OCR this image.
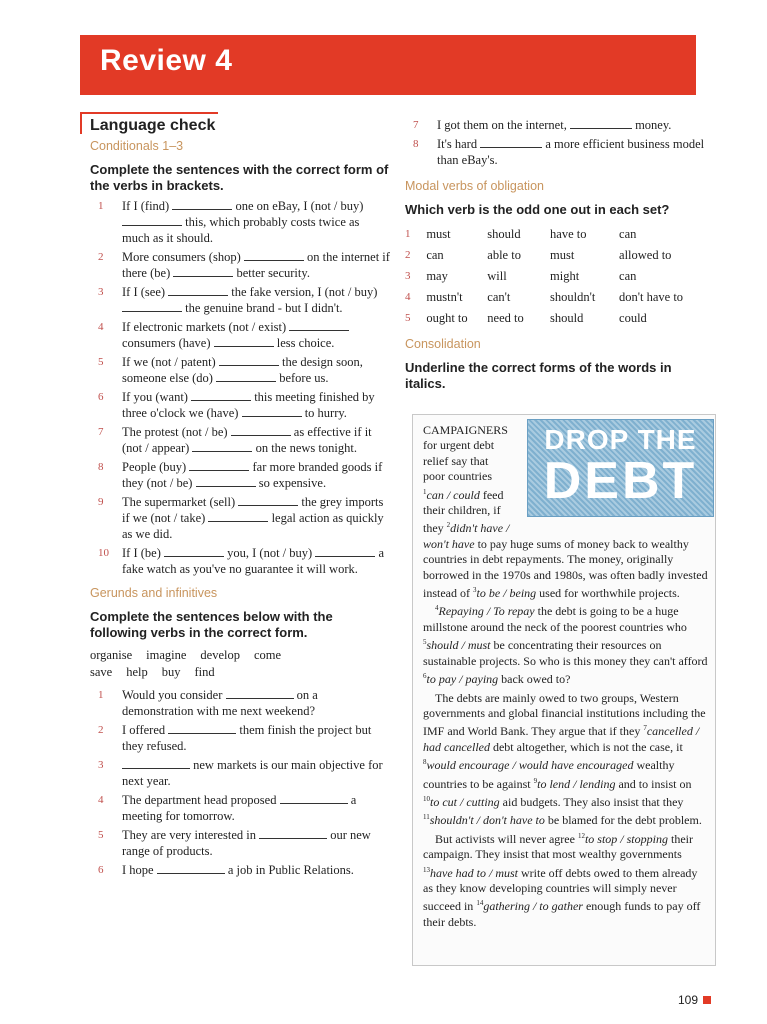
Review 4
Language check
Conditionals 1–3
Complete the sentences with the correct form of the verbs in brackets.
1 If I (find)	one on eBay, I (not / buy)  this, which probably costs twice as much as it should.
2 More consumers (shop)	on the internet if there (be)	better security.
3 If I (see)	the fake version, I (not / buy)  the genuine brand - but I didn't.
4 If electronic markets (not / exist)  consumers (have)	less choice.
5 If we (not / patent)	the design soon, someone else (do)	before us.
6 If you (want)	this meeting finished by three o'clock we (have)	to hurry.
7 The protest (not / be)	as effective if it (not / appear)	on the news tonight.
8 People (buy)	far more branded goods if they (not / be)	so expensive.
9 The supermarket (sell)	the grey imports if we (not / take)	legal action as quickly as we did.
10 If I (be)	you, I (not / buy)	a fake watch as you've no guarantee it will work.
Gerunds and infinitives
Complete the sentences below with the following verbs in the correct form.
organise imagine develop come
save help buy find
1 Would you consider	on a demonstration with me next weekend?
2 I offered	them finish the project but they refused.
3	new markets is our main objective for next year.
4 The department head proposed	a meeting for tomorrow.
5 They are very interested in	our new range of products.
6 I hope	a job in Public Relations.
7 I got them on the internet,	money.
8 It's hard	a more efficient business model than eBay's.
Modal verbs of obligation
Which verb is the odd one out in each set?
1	must	should	have to	can
2	can	able to	must	allowed to
3	may	will	might	can
4	mustn't	can't	shouldn't	don't have to
5	ought to	need to	should	could
Consolidation
Underline the correct forms of the words in italics.
DROP THE
DEBT
CAMPAIGNERS for urgent debt relief say that poor countries $^1$can / could feed their children, if they $^2$didn't have / won't have to pay huge sums of money back to wealthy countries in debt repayments. The money, originally borrowed in the 1970s and 1980s, was often badly invested instead of $^3$to be / being used for worthwhile projects.
$^4$Repaying / To repay the debt is going to be a huge millstone around the neck of the poorest countries who $^5$should / must be concentrating their resources on sustainable projects. So who is this money they can't afford $^6$to pay / paying back owed to?
The debts are mainly owed to two groups, Western governments and global financial institutions including the IMF and World Bank. They argue that if they $^7$cancelled / had cancelled debt altogether, which is not the case, it $^8$would encourage / would have encouraged wealthy countries to be against $^9$to lend / lending and to insist on $^{10}$to cut / cutting aid budgets. They also insist that they $^{11}$shouldn't / don't have to be blamed for the debt problem.
But activists will never agree $^{12}$to stop / stopping their campaign. They insist that most wealthy governments $^{13}$have had to / must write off debts owed to them already as they know developing countries will simply never succeed in $^{14}$gathering / to gather enough funds to pay off their debts.
109
